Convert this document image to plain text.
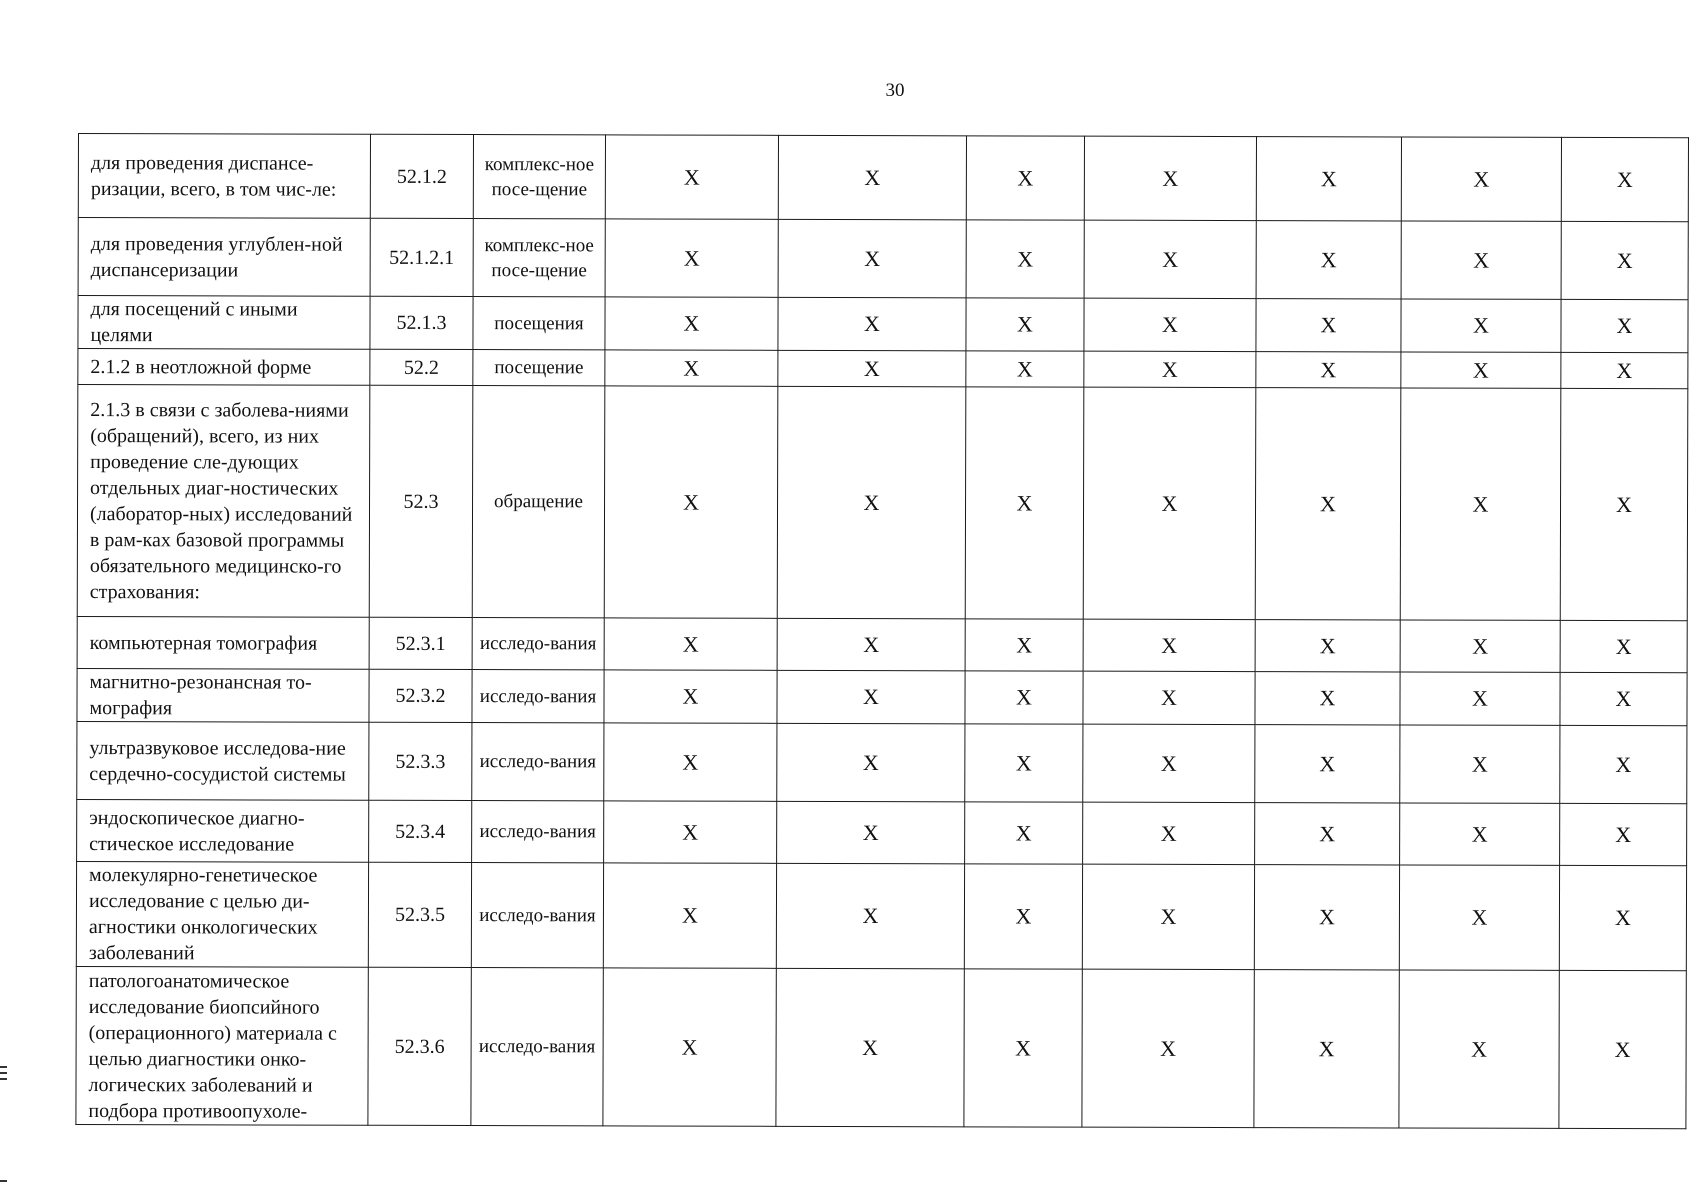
30
для проведения диспансе-ризации, всего, в том чис-ле:	52.1.2	комплекс-ное посе-щение	X	X	X	X	X	X	X
для проведения углублен-ной диспансеризации	52.1.2.1	комплекс-ное посе-щение	X	X	X	X	X	X	X
для посещений с иными целями	52.1.3	посещения	X	X	X	X	X	X	X
2.1.2 в неотложной форме	52.2	посещение	X	X	X	X	X	X	X
2.1.3 в связи с заболева-ниями (обращений), всего, из них проведение сле-дующих отдельных диаг-ностических (лаборатор-ных) исследований в рам-ках базовой программы обязательного медицинско-го страхования:	52.3	обращение	X	X	X	X	X	X	X
компьютерная томография	52.3.1	исследо-вания	X	X	X	X	X	X	X
магнитно-резонансная то-мография	52.3.2	исследо-вания	X	X	X	X	X	X	X
ультразвуковое исследова-ние сердечно-сосудистой системы	52.3.3	исследо-вания	X	X	X	X	X	X	X
эндоскопическое диагно-стическое исследование	52.3.4	исследо-вания	X	X	X	X	X	X	X
молекулярно-генетическое исследование с целью ди-агностики онкологических заболеваний	52.3.5	исследо-вания	X	X	X	X	X	X	X
патологоанатомическое исследование биопсийного (операционного) материала с целью диагностики онко-логических заболеваний и подбора противоопухоле-	52.3.6	исследо-вания	X	X	X	X	X	X	X
